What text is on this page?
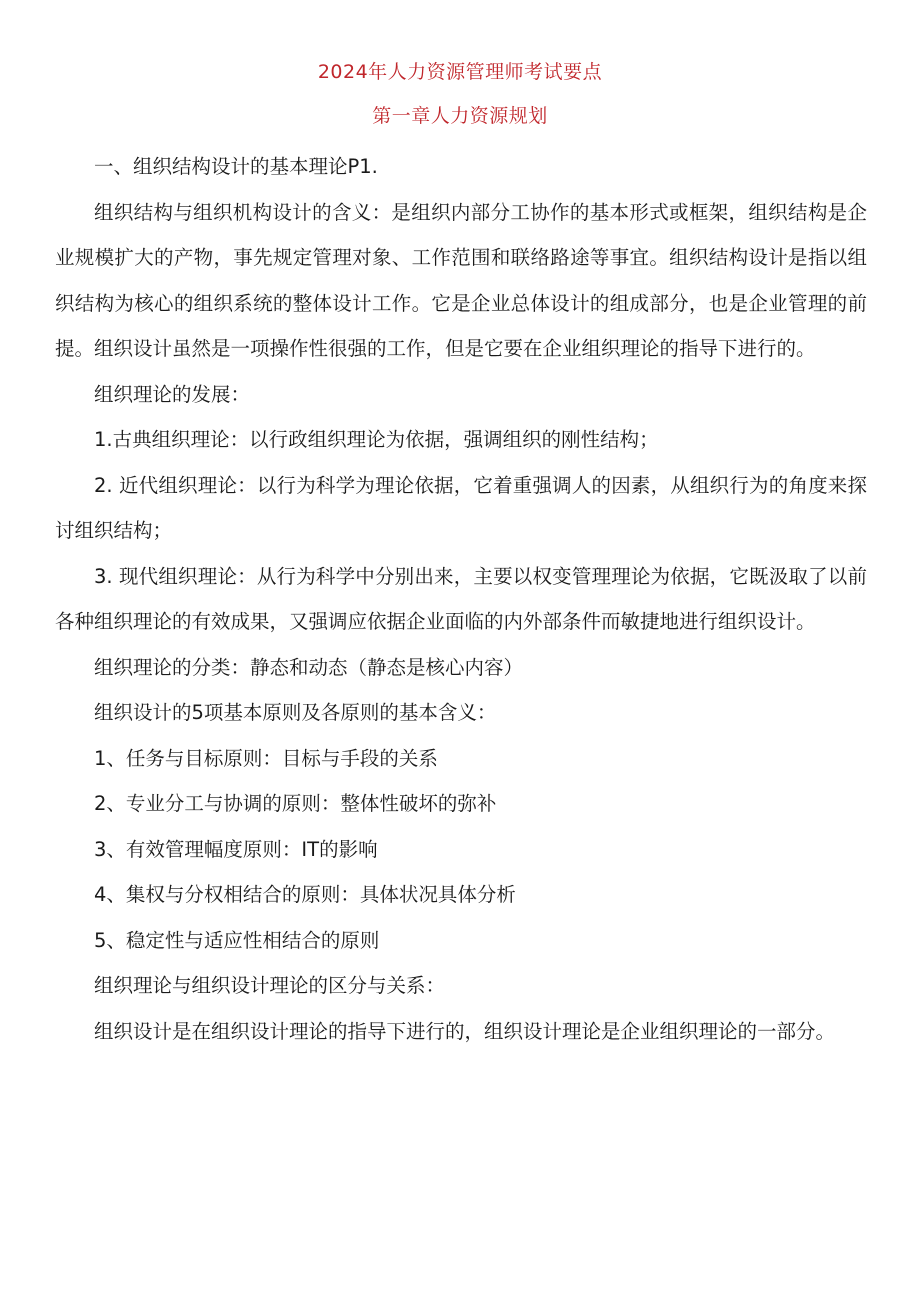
2024年人力资源管理师考试要点
第一章人力资源规划

一、组织结构设计的基本理论P1.

组织结构与组织机构设计的含义：是组织内部分工协作的基本形式或框架，组织结构是企业规模扩大的产物，事先规定管理对象、工作范围和联络路途等事宜。组织结构设计是指以组织结构为核心的组织系统的整体设计工作。它是企业总体设计的组成部分，也是企业管理的前提。组织设计虽然是一项操作性很强的工作，但是它要在企业组织理论的指导下进行的。

组织理论的发展：

1.古典组织理论：以行政组织理论为依据，强调组织的刚性结构；

2. 近代组织理论：以行为科学为理论依据，它着重强调人的因素，从组织行为的角度来探讨组织结构；

3. 现代组织理论：从行为科学中分别出来，主要以权变管理理论为依据，它既汲取了以前各种组织理论的有效成果，又强调应依据企业面临的内外部条件而敏捷地进行组织设计。

组织理论的分类：静态和动态（静态是核心内容）

组织设计的5项基本原则及各原则的基本含义：

1、任务与目标原则：目标与手段的关系

2、专业分工与协调的原则：整体性破坏的弥补

3、有效管理幅度原则：IT的影响

4、集权与分权相结合的原则：具体状况具体分析

5、稳定性与适应性相结合的原则

组织理论与组织设计理论的区分与关系：

组织设计是在组织设计理论的指导下进行的，组织设计理论是企业组织理论的一部分。
